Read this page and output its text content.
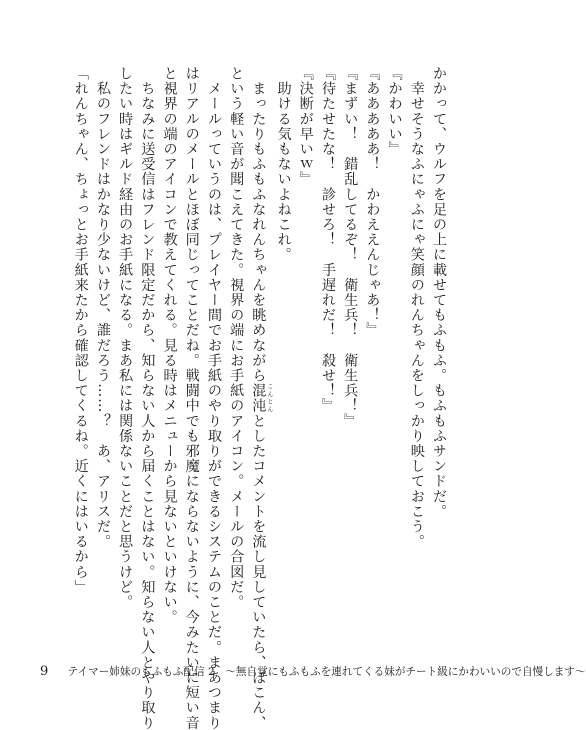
かかって、ウルフを足の上に載せてもふもふ。もふもふサンドだ。
　幸せそうなふにゃふにゃ笑顔のれんちゃんをしっかり映しておこう。
『かわいい』
『あああああ！　かわええんじゃあ！』
『まずい！　錯乱してるぞ！　衛生兵！　衛生兵！』
『待たせたな！　診せろ！　手遅れだ！　殺せ！』
『決断が早いｗ』
　助ける気もないよねこれ。
　まったりもふもふなれんちゃんを眺めながら混沌 こんとんとしたコメントを流し見していたら、ぽこん、
という軽い音が聞こえてきた。視界の端にお手紙のアイコン。メールの合図だ。
　メールっていうのは、プレイヤー間でお手紙のやり取りができるシステムのことだ。まあつまり
はリアルのメールとほぼ同じってことだね。戦闘中でも邪魔にならないように、今みたいに短い音
と視界の端のアイコンで教えてくれる。見る時はメニューから見ないといけない。
　ちなみに送受信はフレンド限定だから、知らない人から届くことはない。知らない人とやり取り
したい時はギルド経由のお手紙になる。まあ私には関係ないことだと思うけど。
　私のフレンドはかなり少ないけど、誰だろう……？　あ、アリスだ。
「れんちゃん、ちょっとお手紙来たから確認してくるね。近くにはいるから」
9 テイマー姉妹のもふもふ配信 2　～無自覚にもふもふを連れてくる妹がチート級にかわいいので自慢します～
